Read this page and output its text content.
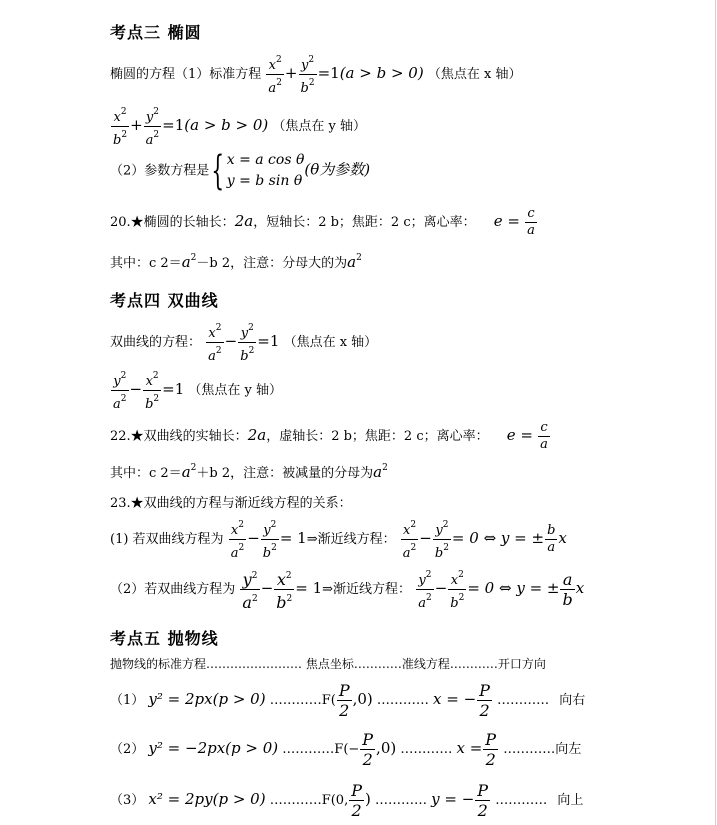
考点三 椭圆
椭圆的方程（1）标准方程 $\frac{x^2}{a^2} + \frac{y^2}{b^2} =1(a > b > 0)$ （焦点在 x 轴）
$\frac{x^2}{b^2} + \frac{y^2}{a^2} =1(a > b > 0)$ （焦点在 y 轴）
（2）参数方程是{ x = a cos θ
y = b sin θ
(θ为参数)
20.★椭圆的长轴长：2a，短轴长：2 b；焦距：2 c；离心率： $e = \frac{c}{a}$
其中：c $2=a^2-b$ 2，注意：分母大的为$a^2$
考点四 双曲线
双曲线的方程： $\frac{x^2}{a^2} - \frac{y^2}{b^2} =1$ （焦点在 x 轴）
$\frac{y^2}{a^2} - \frac{x^2}{b^2} =1$ （焦点在 y 轴）
22.★双曲线的实轴长：2a，虚轴长：2 b；焦距：2 c；离心率： $e = \frac{c}{a}$
其中：c $2=a^2+b$ 2，注意：被减量的分母为$a^2$
23.★双曲线的方程与渐近线方程的关系：
(1) 若双曲线方程为 $\frac{x^2}{a^2} - \frac{y^2}{b^2}$ = 1⇒渐近线方程： $\frac{x^2}{a^2} - \frac{y^2}{b^2} = 0$ ⇔ y = ± $\frac{b}{a}$ x
（2）若双曲线方程为 $\frac{y^2}{a^2} - \frac{x^2}{b^2}$ = 1⇒渐近线方程： $\frac{y^2}{a^2} - \frac{x^2}{b^2} = 0$ ⇔ y = ± $\frac{a}{b}$ x
考点五 抛物线
抛物线的标准方程…………………… 焦点坐标…………准线方程…………开口方向
（1） y² = 2px(p > 0) …………F( $\frac{P}{2} ,0$) ………… x = − $\frac{P}{2}$ ………… 向右
（2） y² = −2px(p > 0) …………F(− $\frac{P}{2} ,0$) ………… $x = \frac{P}{2}$ …………向左
（3） x² = 2py(p > 0) …………F(0, $\frac{P}{2}$ ) ………… y = − $\frac{P}{2}$ ………… 向上
